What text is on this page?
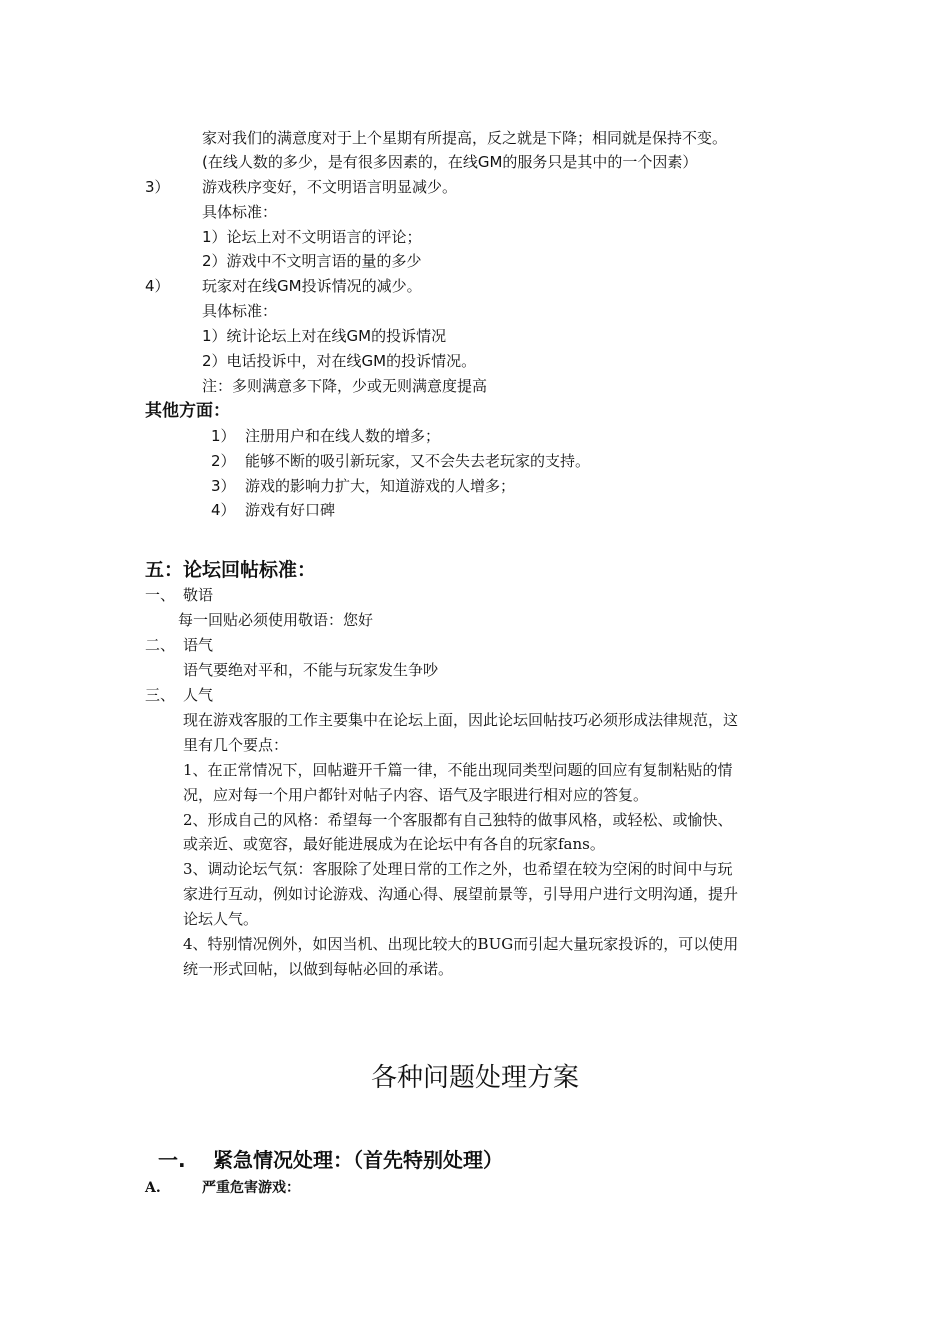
家对我们的满意度对于上个星期有所提高，反之就是下降；相同就是保持不变。
(在线人数的多少，是有很多因素的，在线GM的服务只是其中的一个因素）
3） 游戏秩序变好，不文明语言明显减少。
具体标准：
1）论坛上对不文明语言的评论；
2）游戏中不文明言语的量的多少
4） 玩家对在线GM投诉情况的减少。
具体标准：
1）统计论坛上对在线GM的投诉情况
2）电话投诉中，对在线GM的投诉情况。
注：多则满意多下降，少或无则满意度提高
其他方面：
1） 注册用户和在线人数的增多；
2） 能够不断的吸引新玩家，又不会失去老玩家的支持。
3） 游戏的影响力扩大，知道游戏的人增多；
4） 游戏有好口碑
五：论坛回帖标准：
一、 敬语
每一回贴必须使用敬语：您好
二、 语气
语气要绝对平和，不能与玩家发生争吵
三、 人气
现在游戏客服的工作主要集中在论坛上面，因此论坛回帖技巧必须形成法律规范，这
里有几个要点：
1、在正常情况下，回帖避开千篇一律，不能出现同类型问题的回应有复制粘贴的情
况，应对每一个用户都针对帖子内容、语气及字眼进行相对应的答复。
2、形成自己的风格：希望每一个客服都有自己独特的做事风格，或轻松、或愉快、
或亲近、或宽容，最好能进展成为在论坛中有各自的玩家fans。
3、调动论坛气氛：客服除了处理日常的工作之外，也希望在较为空闲的时间中与玩
家进行互动，例如讨论游戏、沟通心得、展望前景等，引导用户进行文明沟通，提升
论坛人气。
4、特别情况例外，如因当机、出现比较大的BUG而引起大量玩家投诉的，可以使用
统一形式回帖，以做到每帖必回的承诺。
各种问题处理方案
一. 紧急情况处理：（首先特别处理）
A.	严重危害游戏：
